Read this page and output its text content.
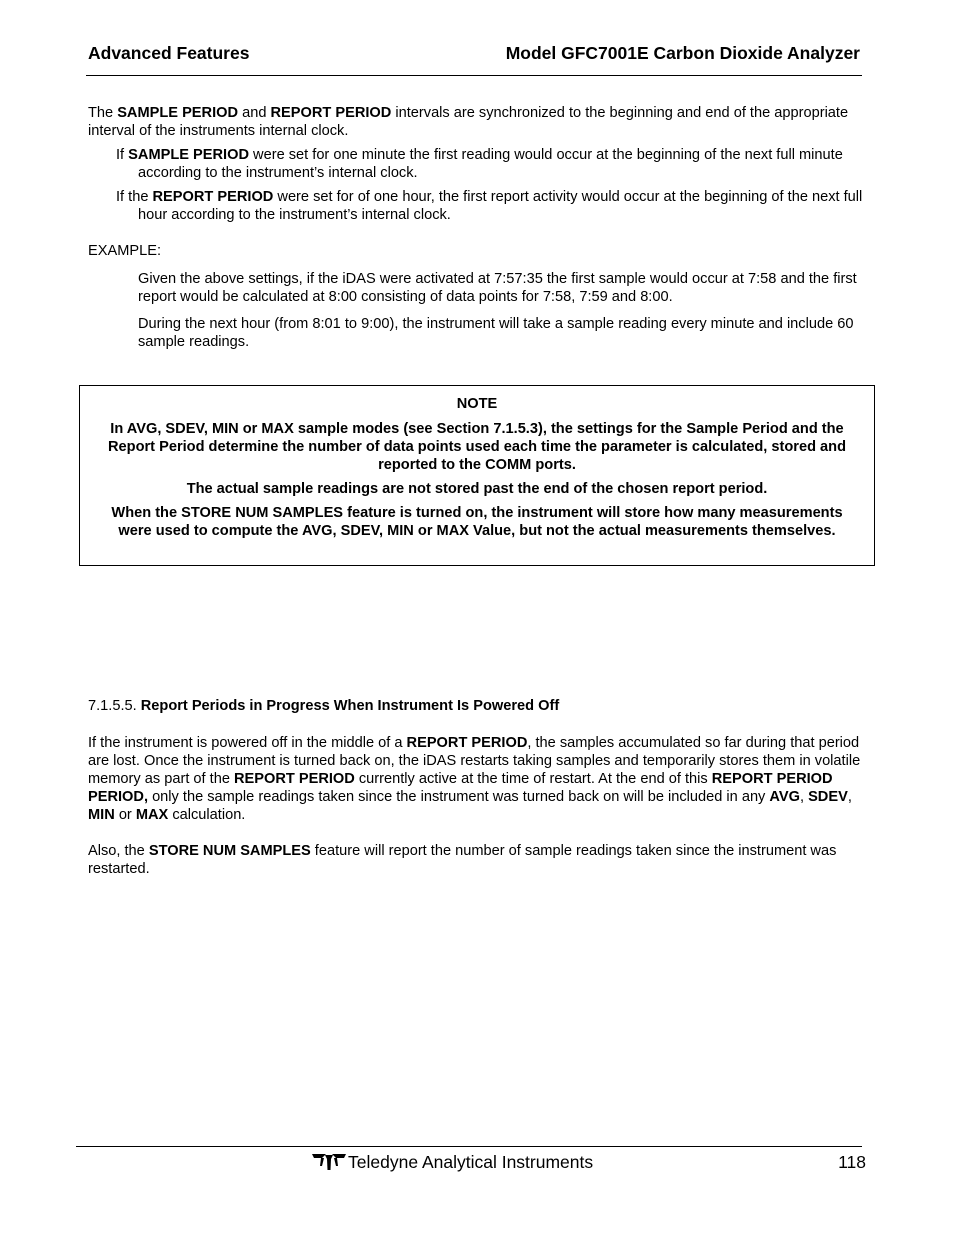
Advanced Features	Model GFC7001E Carbon Dioxide Analyzer

The SAMPLE PERIOD and REPORT PERIOD intervals are synchronized to the beginning and end of the appropriate interval of the instruments internal clock.

If SAMPLE PERIOD were set for one minute the first reading would occur at the beginning of the next full minute according to the instrument’s internal clock.

If the REPORT PERIOD were set for of one hour, the first report activity would occur at the beginning of the next full hour according to the instrument’s internal clock.

EXAMPLE:

Given the above settings, if the iDAS were activated at 7:57:35 the first sample would occur at 7:58 and the first report would be calculated at 8:00 consisting of data points for 7:58, 7:59 and 8:00.

During the next hour (from 8:01 to 9:00), the instrument will take a sample reading every minute and include 60 sample readings.

NOTE

In AVG, SDEV, MIN or MAX sample modes (see Section 7.1.5.3), the settings for the Sample Period and the Report Period determine the number of data points used each time the parameter is calculated, stored and reported to the COMM ports.

The actual sample readings are not stored past the end of the chosen report period.

When the STORE NUM SAMPLES feature is turned on, the instrument will store how many measurements were used to compute the AVG, SDEV, MIN or MAX Value, but not the actual measurements themselves.

7.1.5.5. Report Periods in Progress When Instrument Is Powered Off

If the instrument is powered off in the middle of a REPORT PERIOD, the samples accumulated so far during that period are lost. Once the instrument is turned back on, the iDAS restarts taking samples and temporarily stores them in volatile memory as part of the REPORT PERIOD currently active at the time of restart. At the end of this REPORT PERIOD PERIOD, only the sample readings taken since the instrument was turned back on will be included in any AVG, SDEV, MIN or MAX calculation.

Also, the STORE NUM SAMPLES feature will report the number of sample readings taken since the instrument was restarted.

Teledyne Analytical Instruments	118
